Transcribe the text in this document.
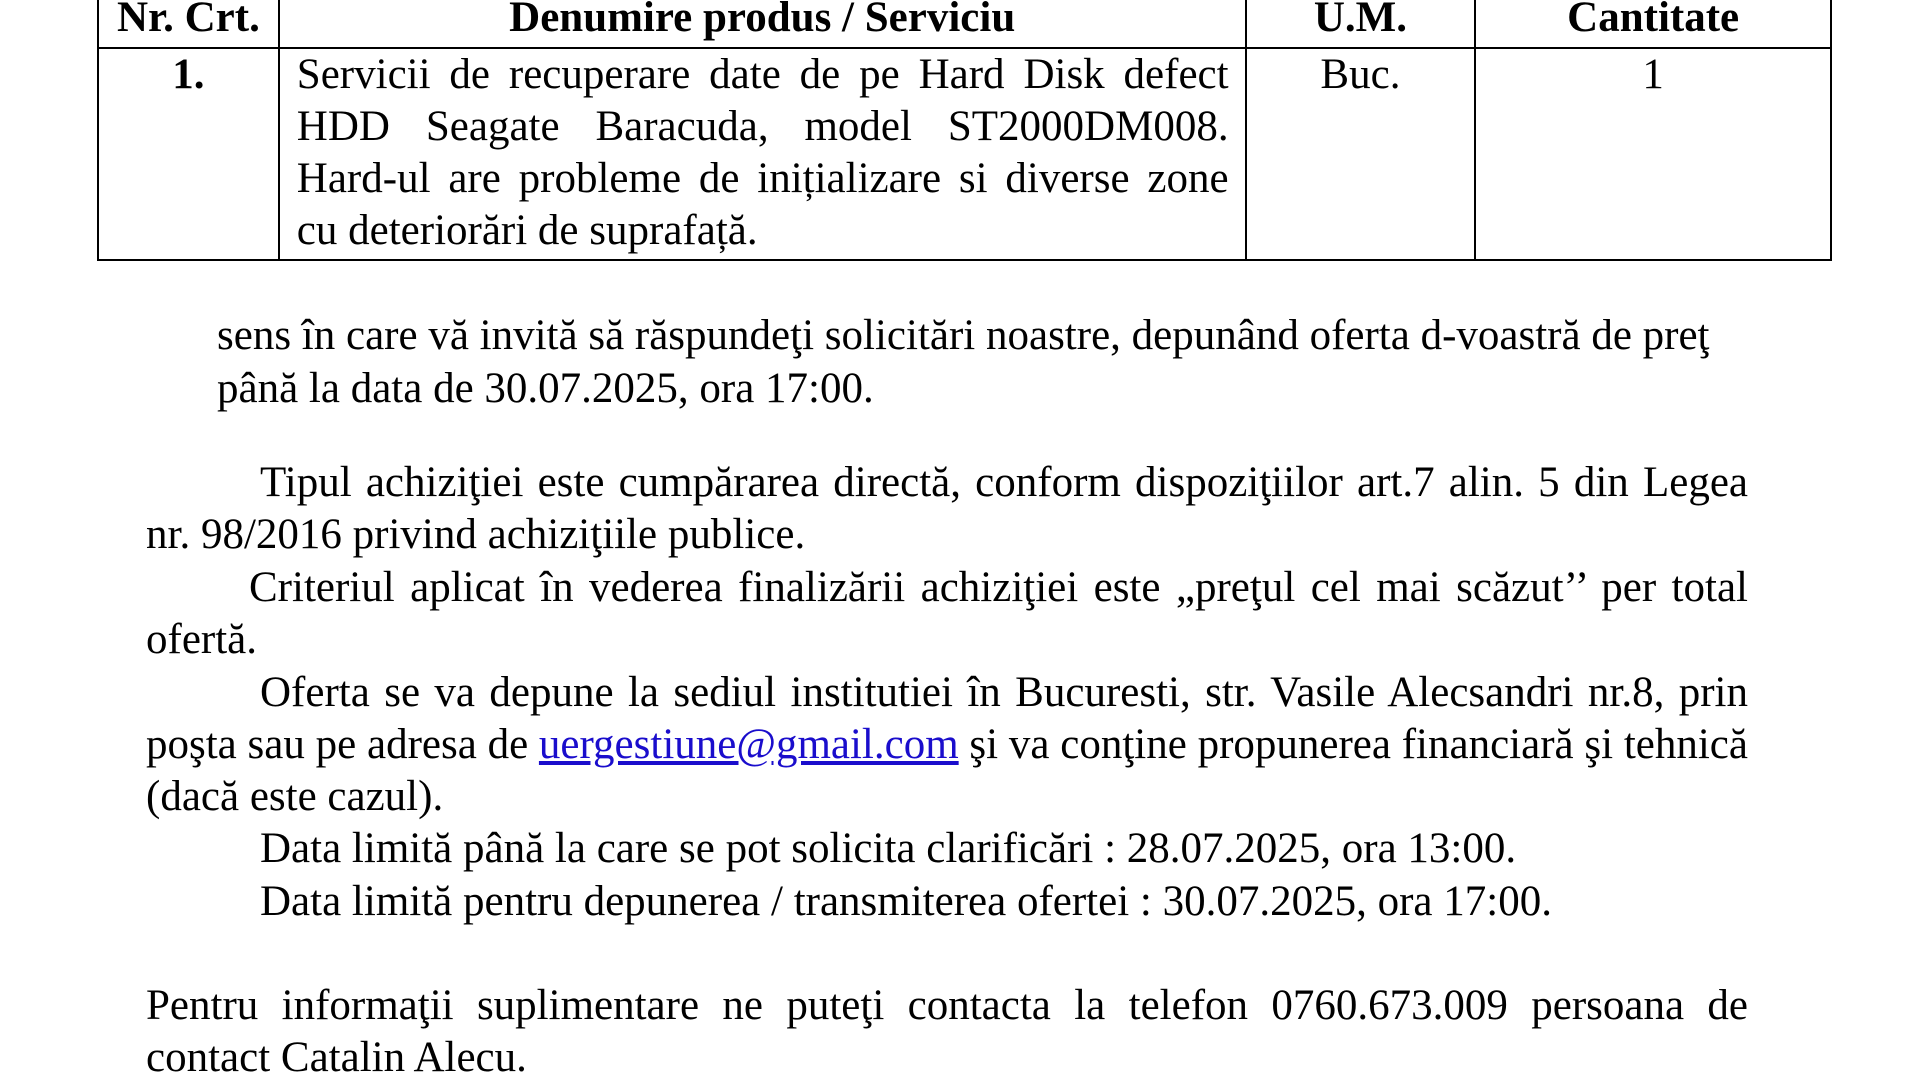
Nr. Crt.	Denumire produs / Serviciu	U.M.	Cantitate
1.	Servicii de recuperare date de pe Hard Disk defect HDD Seagate Baracuda, model ST2000DM008. Hard-ul are probleme de inițializare si diverse zone cu deteriorări de suprafață.	Buc.	1
sens în care vă invită să răspundeţi solicitări noastre, depunând oferta d-voastră de preţ
până la data de 30.07.2025, ora 17:00.
Tipul achiziţiei este cumpărarea directă, conform dispoziţiilor art.7 alin. 5 din Legea nr. 98/2016 privind achiziţiile publice.
Criteriul aplicat în vederea finalizării achiziţiei este „preţul cel mai scăzut’’ per total ofertă.
Oferta se va depune la sediul institutiei în Bucuresti, str. Vasile Alecsandri nr.8, prin poşta sau pe adresa de uergestiune@gmail.com şi va conţine propunerea financiară şi tehnică (dacă este cazul).
Data limită până la care se pot solicita clarificări : 28.07.2025, ora 13:00.
Data limită pentru depunerea / transmiterea ofertei : 30.07.2025, ora 17:00.
Pentru informaţii suplimentare ne puteţi contacta la telefon 0760.673.009 persoana de contact Catalin Alecu.
